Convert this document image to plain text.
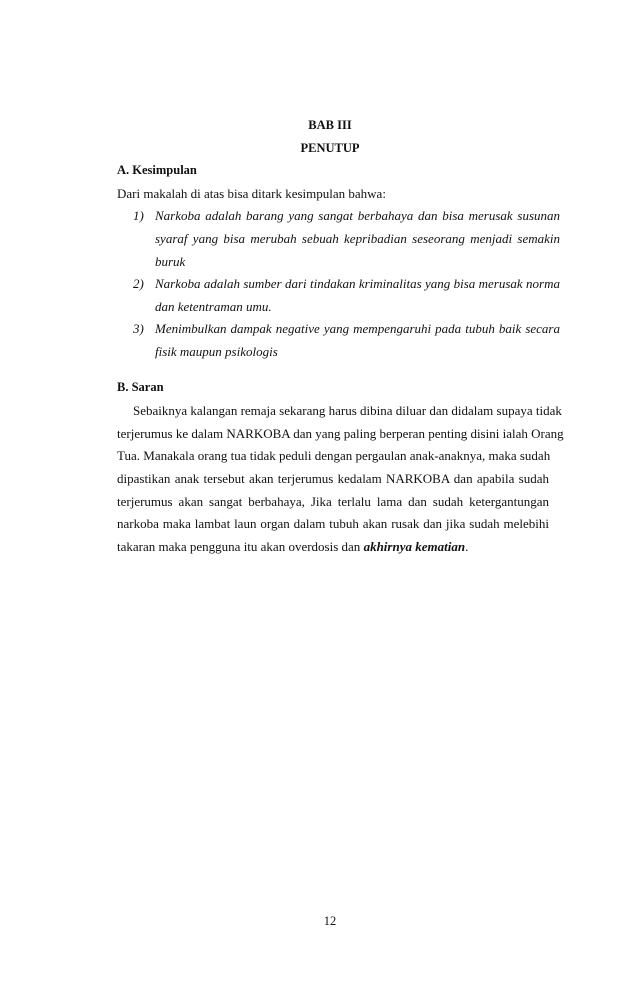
BAB III
PENUTUP
A. Kesimpulan
Dari makalah di atas bisa ditark kesimpulan bahwa:
1) Narkoba adalah barang yang sangat berbahaya dan bisa merusak susunan
syaraf yang bisa merubah sebuah kepribadian seseorang menjadi semakin
buruk
2) Narkoba adalah sumber dari tindakan kriminalitas yang bisa merusak norma
dan ketentraman umu.
3) Menimbulkan dampak negative yang mempengaruhi pada tubuh baik secara
fisik maupun psikologis
B. Saran
Sebaiknya kalangan remaja sekarang harus dibina diluar dan didalam supaya tidak
terjerumus ke dalam NARKOBA dan yang paling berperan penting disini ialah Orang
Tua. Manakala orang tua tidak peduli dengan pergaulan anak-anaknya, maka sudah
dipastikan anak tersebut akan terjerumus kedalam NARKOBA dan apabila sudah
terjerumus akan sangat berbahaya, Jika terlalu lama dan sudah ketergantungan
narkoba maka lambat laun organ dalam tubuh akan rusak dan jika sudah melebihi
takaran maka pengguna itu akan overdosis dan akhirnya kematian.
12
